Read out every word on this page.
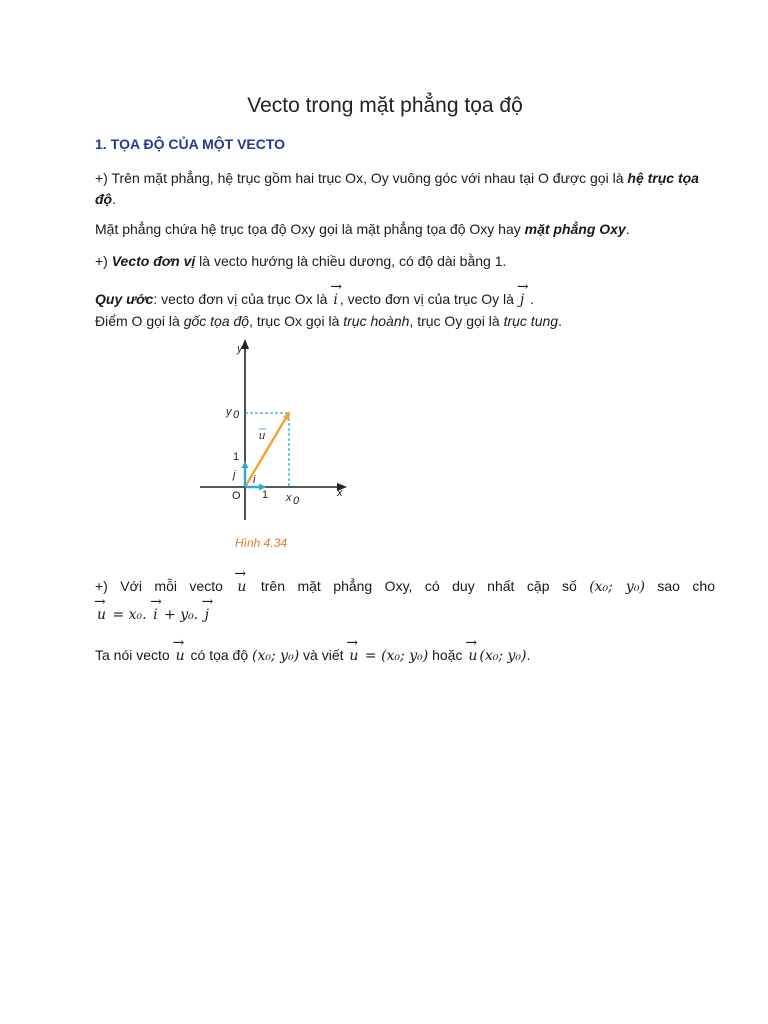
Vecto trong mặt phẳng tọa độ
1. TỌA ĐỘ CỦA MỘT VECTO

+) Trên mặt phẳng, hệ trục gồm hai trục Ox, Oy vuông góc với nhau tại O được gọi là hệ trục tọa độ.

Mặt phẳng chứa hệ trục tọa độ Oxy gọi là mặt phẳng tọa độ Oxy hay mặt phẳng Oxy.

+) Vecto đơn vị là vecto hướng là chiều dương, có độ dài bằng 1.

Quy ước: vecto đơn vị của trục Ox là → i , vecto đơn vị của trục Oy là → j .

Điểm O gọi là gốc tọa độ, trục Ox gọi là trục hoành, trục Oy gọi là trục tung.

y
x
y 0
x 0
1
1
O
u
i
j
Hình 4.34

+) Với mỗi vecto → u trên mặt phẳng Oxy, có duy nhất cặp số (x₀; y₀) sao cho

→ u = x₀. → i + y₀. → j

Ta nói vecto → u có tọa độ (x₀; y₀) và viết → u = (x₀; y₀) hoặc → u (x₀; y₀).
